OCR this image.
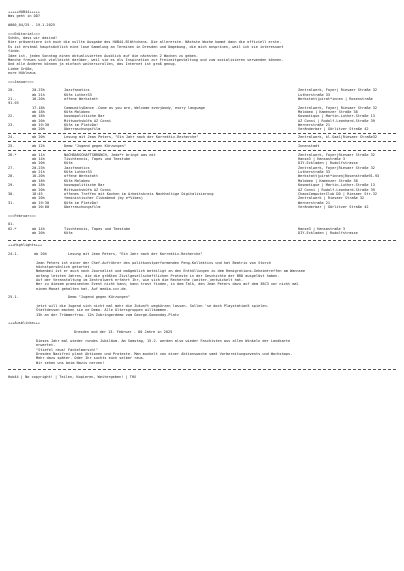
+++++HUB44+++++
Was geht in DD?
#000_04/25 - 19.1.2025
===Editorial===
Schön, dass wir dasind!
Hier präsentiere ich euch die nullte Ausgabe des HUB44-Blättchens. Die allererste. Nächste Woche kommt dann die offiziell erste.
Es ist erstmal hauptsächlich eine lose Sammlung an Terminen in Dresden und Umgebung, die mich ansprinen, weil ich sie interessant
finde.
Idee ist, jeden Sonntag einen aktualisierten Ausblick auf die nächsten 2 Wochen zu geben.
Manche freuen sich vielleicht darüber, weil sie es als Inspiration zur Freizeitgestaltung und zum sozialisieren verwenden können.
Und alle Anderen können ja einfach weiterscrollen, das Internet ist groß genug.
Liebe Grüße,
eure Hühlnaus
===Januar===
20.	20-23h	Jazzfanatics	Zentralwerk, Foyer| Riesaer Straße 32
ab 21h	Küfa Luther33	Lutherstraße 33
21.-	16-20h	offene Werkstatt	Werkstatt|pirat*innen | Rosenstraße
91-93
17-18h	CommunityDance -Come as you are, Welcome everybody, every language	Zentralwerk, Foyer| Riesaer Straße 32
ab 18h	Küfa Malobeo	Malobeo | Kamenzer Straße 38
22.	ab 18h	kosmopolitische Bar	Kosmotique | Martin-Luther-Straße 13
ab 20h	Mittwochsküfa AZ Conni	AZ Conni | Rudolf-Leonhard-Straße 39
23.	ab 19:30	Küfa im PlatzDa!	Wernerstraße 21
ab 20h	Überraschungsfilm	Veränderbar | Görlitzer Straße 42
24.	ab 20h	Lesung mit Jean Peters, "Ein Jahr nach der Korrektiv-Recherche"	Zentralwerk, kl.Saal|Riesaer Straße32
25.	ab 12h	Demo "Jugend gegen Kürzungen"	Innenstadt
26.*	ab 11h	NACHBARSCHAFTSBRUNCH, Jede*r bringt was mit	Zentralwerk, Foyer|Riesaer Straße 32
ab 14h	Tischtennis, Tapes und Teestube	Hanse3 | Hansastraße 3
ab 20h	Küfa	DIY-Eckladen | Rudolfstrasse
27.	20-23h	Jazzfanatics	Zentralwerk, Foyer|Riesaer Straße 32
ab 21h	Küfa Luther33	Lutherstraße 33
28.	16-20h	offene Werkstatt	Werkstatt|pirat*innen|Rosenstraße91-93
ab 18h	Küfa Malobeo	Malobeo | Kamenzer Straße 38
29.	ab 18h	kosmopolitische Bar	Kosmotique | Martin-Luther-Straße 13
ab 20h	Mittwochsküfa AZ Conni	AZ Conni | Rudolf-Leonhard-Straße 39
30.	18:45	offenes Treffen mit Kochen im Arbeitskreis Nachhaltige Digitalisierung	ChaosComputerClub DD | Riesaer Str.32
ab 20h	feministischer Clubabend (by e*Vibes)	Zentralwerk | Riesaer Straße 32
31.	ab 19:30	Küfa im PlatzDa!	Wernerstraße 21
ab 20:00	Überraschungsfilm	Veränderbar | Görlitzer Straße 42
===Februar===
01.
02.*	ab 14h	Tischtennis, Tapes und Teestube	Hanse3 | Hansastraße 3
ab 20h	Küfa	DIY-Eckladen | Rudolfstrasse
+++Highlights+++
24.1.	ab 20h	Lesung mit Jean Peters, "Ein Jahr nach der Korrektiv-Recherche"
Jean Peters ist einer der Chef-Aufrührer des politkunstperformenden Peng-Kollektivs und hat Beatrix von Storch
höchstpersönlich getortet.
Nebenbei ist er auch noch Journalist und maßgeblich beteiligt an den Enthüllungen zu dem Remigrations-Geheimtreffen am Wannsee
anfang letzten Jahres, die die größten Zivilgesellschaftlichen Proteste in der Geschichte der BRD ausgelöst haben.
Auf der Veranstaltung im Zentralwerk erfahrt Ihr, wie sich die Recherche (weiter-)entwickelt hat.
Wer zu diesem prominenten Event nicht kann, kann trost finden, in dem Talk, den Jean Peters dazu auf dem 38C3 vor nicht mal
einem Monat gehalten hat. Auf media.ccc.de.
25.1.	Demo "Jugend gegen Kürzungen"
jetzt will die Jugend sich nicht mal mehr die Zukunft wegkürzen lassen. Sollen 'se doch Playstation5 spielen.
Stattdessen machen sie ne Demo. Alle Altersgruppen willkommen.
13h an der Trümmerfrau. 12h Zubringerdemo vom George-Gomonday-Platz
+++Ausblicke+++
Dresden und der 13. Februar - 80 Jahre in 2025
Dieses Jahr mal wieder rundes Jubiläum. Am Samstag, 15.2. werden also wieder Faschisten aus allen Winkeln der Landkarte
erwartet.
"Stiefel raus! Fackelmarsch!"
Dresden Nazifrei plant Aktionen und Proteste. Man munkelt von einer Aktionswoche samt Vorbereitungsevents und Workshops.
Mehr dazu später. Oder Ihr suchts euch selber raus.
Wir sehen uns beim Nazis nerven!
Hub44 | No copyright! | Teilen, Kopieren, Weitergeben! | THX
